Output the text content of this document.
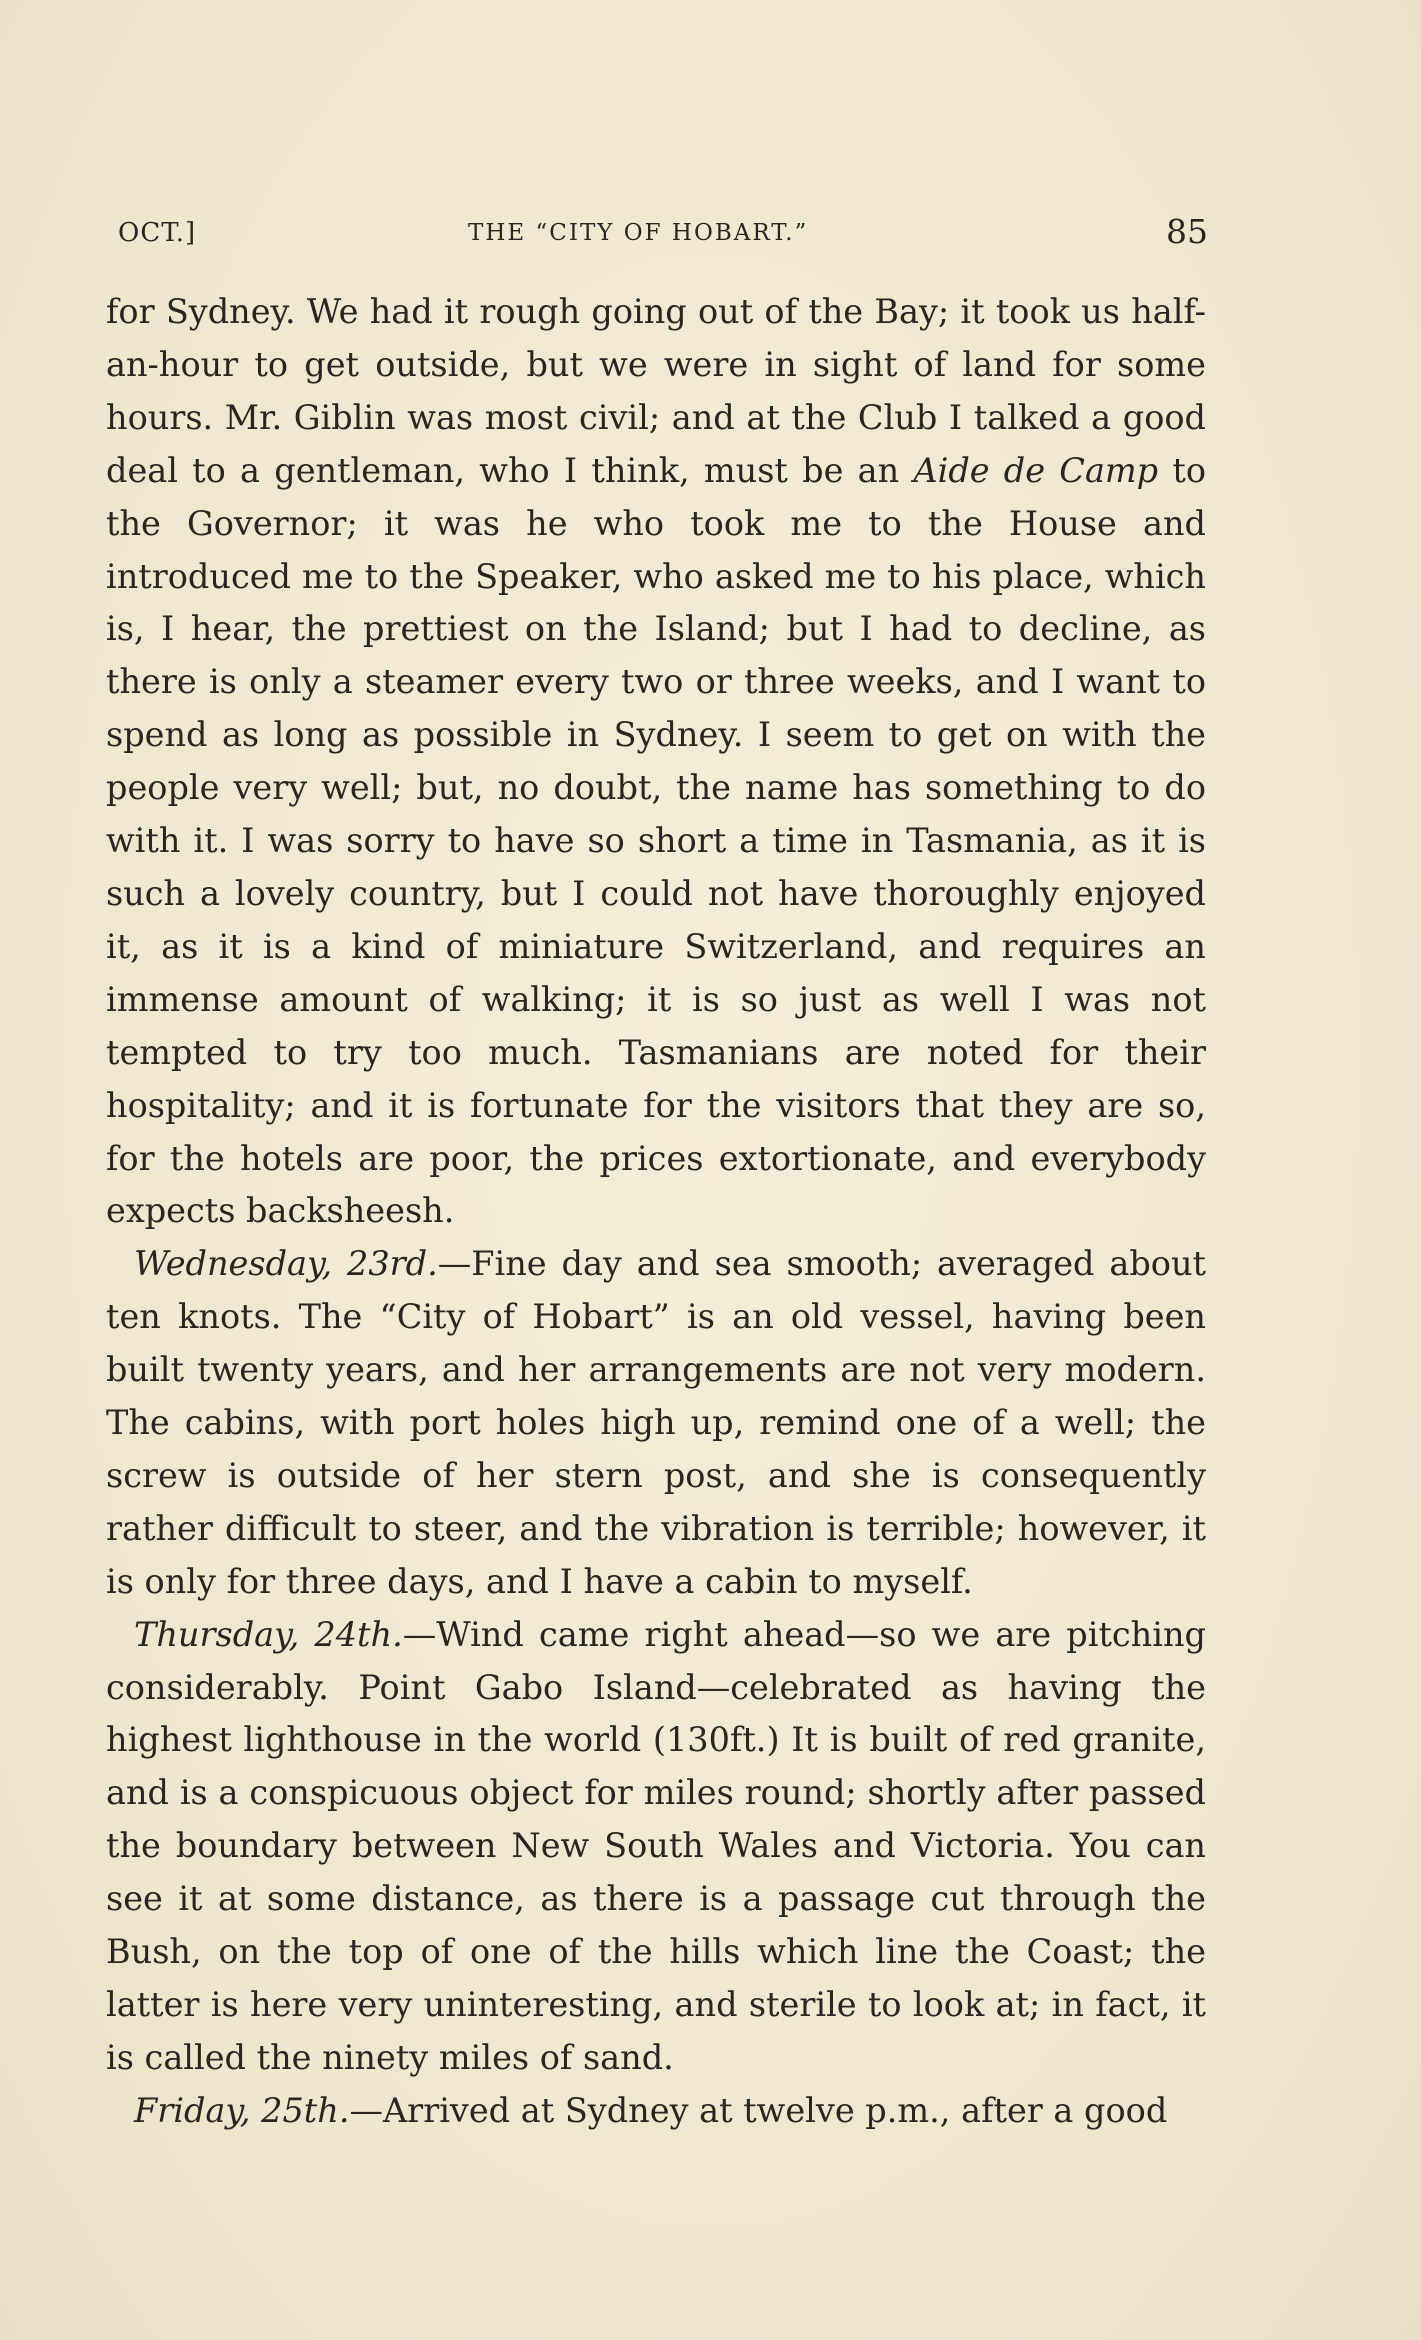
OCT.]	THE “CITY OF HOBART.”	85

for Sydney. We had it rough going out of the Bay; it took us half-an-hour to get outside, but we were in sight of land for some hours. Mr. Giblin was most civil; and at the Club I talked a good deal to a gentleman, who I think, must be an Aide de Camp to the Governor; it was he who took me to the House and introduced me to the Speaker, who asked me to his place, which is, I hear, the prettiest on the Island; but I had to decline, as there is only a steamer every two or three weeks, and I want to spend as long as possible in Sydney. I seem to get on with the people very well; but, no doubt, the name has something to do with it. I was sorry to have so short a time in Tasmania, as it is such a lovely country, but I could not have thoroughly enjoyed it, as it is a kind of miniature Switzerland, and requires an immense amount of walking; it is so just as well I was not tempted to try too much. Tasmanians are noted for their hospitality; and it is fortunate for the visitors that they are so, for the hotels are poor, the prices extortionate, and everybody expects backsheesh.

Wednesday, 23rd.—Fine day and sea smooth; averaged about ten knots. The “City of Hobart” is an old vessel, having been built twenty years, and her arrangements are not very modern. The cabins, with port holes high up, remind one of a well; the screw is outside of her stern post, and she is consequently rather difficult to steer, and the vibration is terrible; however, it is only for three days, and I have a cabin to myself.

Thursday, 24th.—Wind came right ahead—so we are pitching considerably. Point Gabo Island—celebrated as having the highest lighthouse in the world (130ft.) It is built of red granite, and is a conspicuous object for miles round; shortly after passed the boundary between New South Wales and Victoria. You can see it at some distance, as there is a passage cut through the Bush, on the top of one of the hills which line the Coast; the latter is here very uninteresting, and sterile to look at; in fact, it is called the ninety miles of sand.

Friday, 25th.—Arrived at Sydney at twelve p.m., after a good
